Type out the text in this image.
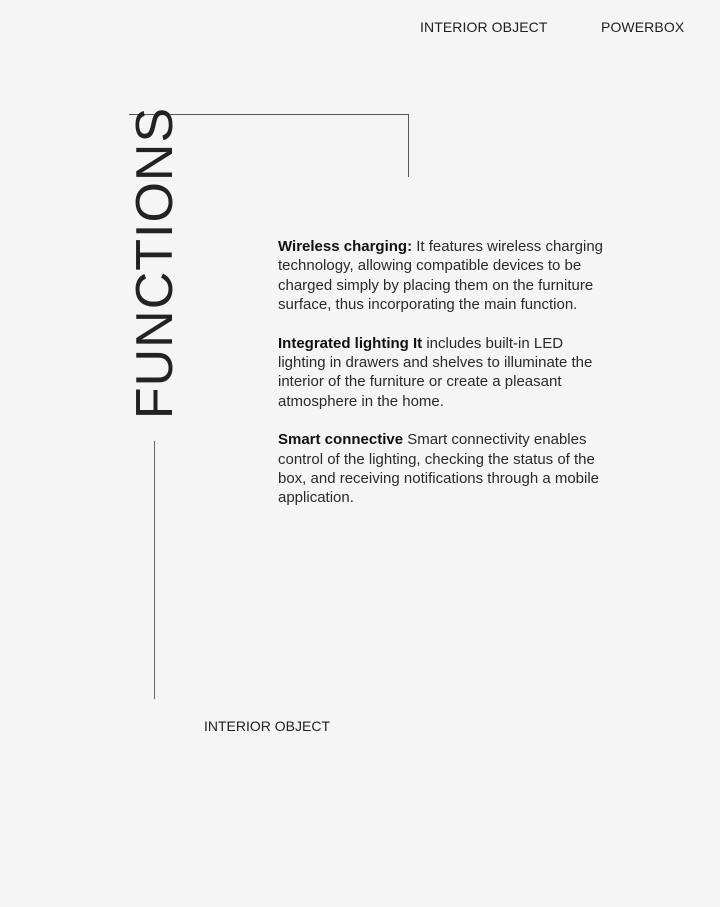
INTERIOR OBJECT	POWERBOX
FUNCTIONS	Wireless charging: It features wireless charging technology, allowing compatible devices to be charged simply by placing them on the furniture surface, thus incorporating the main function.

Integrated lighting It includes built-in LED lighting in drawers and shelves to illuminate the interior of the furniture or create a pleasant atmosphere in the home.

Smart connective Smart connectivity enables control of the lighting, checking the status of the box, and receiving notifications through a mobile application.

INTERIOR OBJECT
